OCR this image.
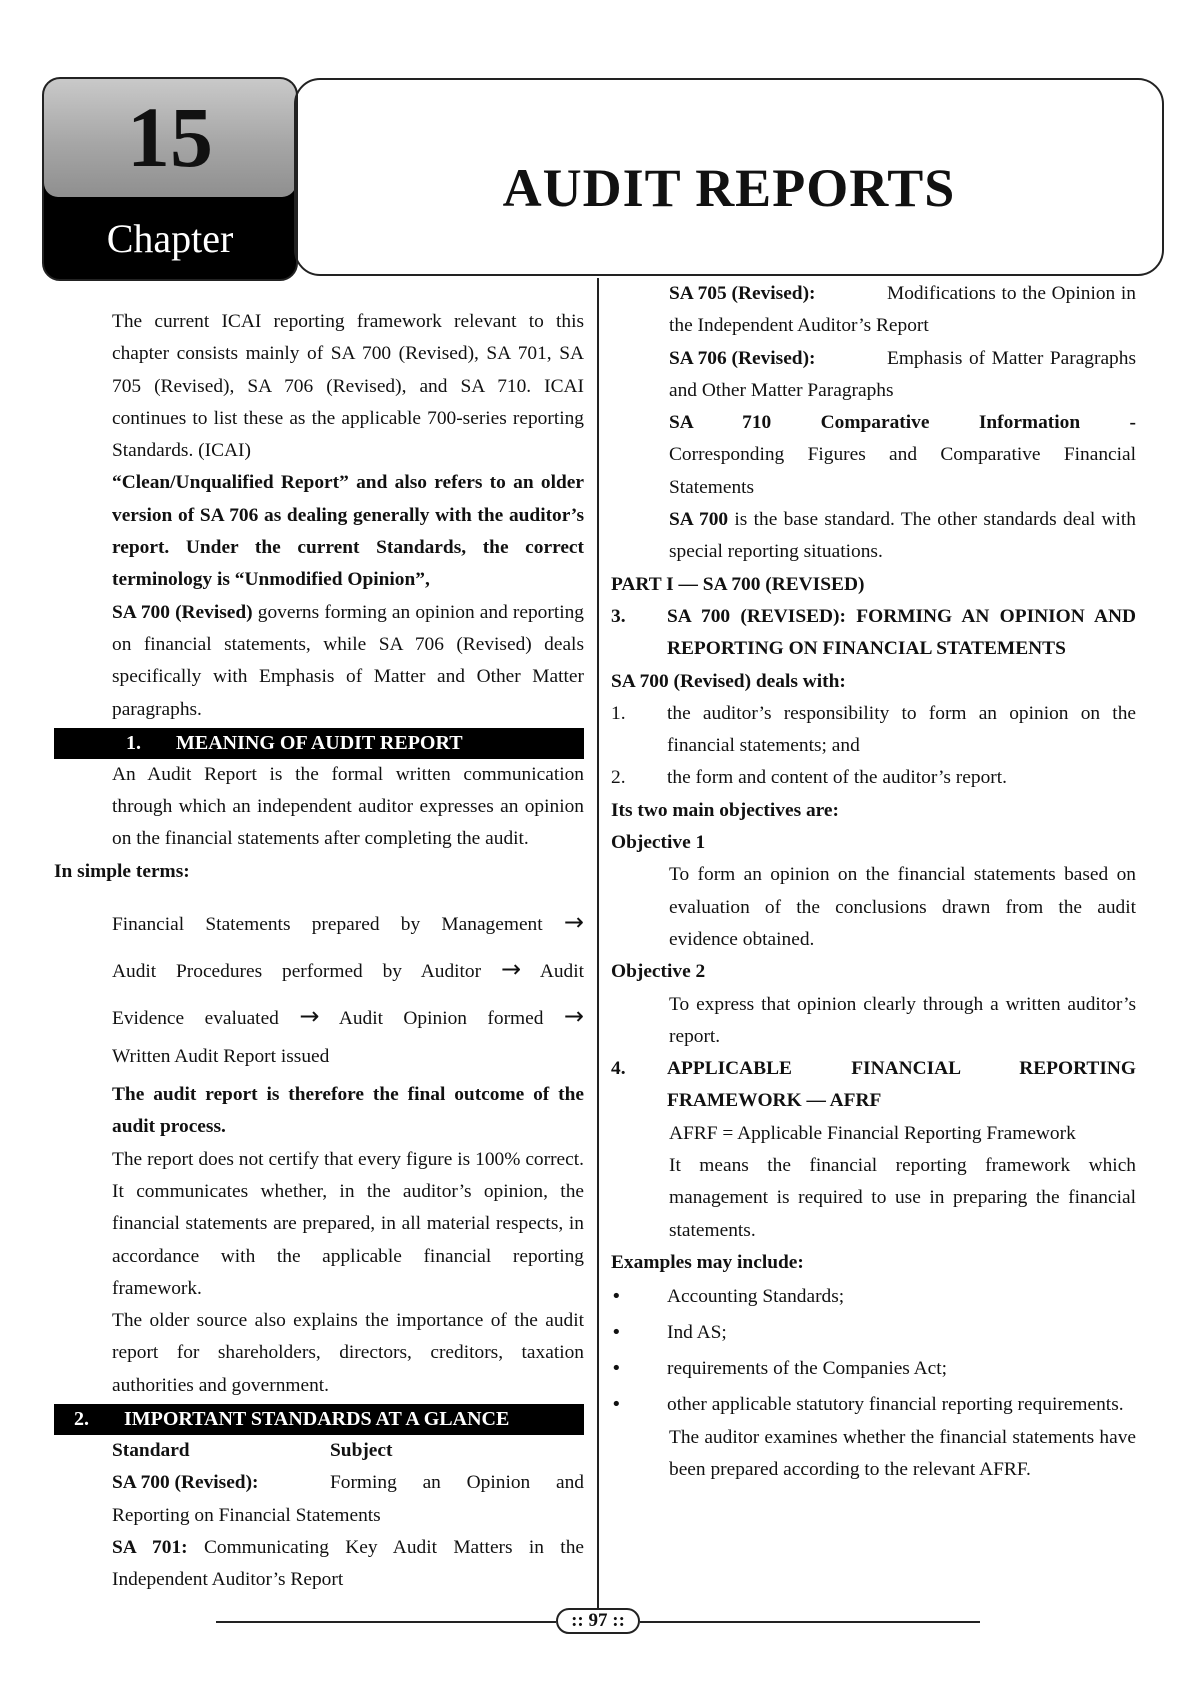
15
Chapter
AUDIT REPORTS

The current ICAI reporting framework relevant to this chapter consists mainly of SA 700 (Revised), SA 701, SA 705 (Revised), SA 706 (Revised), and SA 710. ICAI continues to list these as the applicable 700-series reporting Standards. (ICAI)

“Clean/Unqualified Report” and also refers to an older version of SA 706 as dealing generally with the auditor’s report. Under the current Standards, the correct terminology is “Unmodified Opinion”,

SA 700 (Revised) governs forming an opinion and reporting on financial statements, while SA 706 (Revised) deals specifically with Emphasis of Matter and Other Matter paragraphs.

1. MEANING OF AUDIT REPORT

An Audit Report is the formal written communication through which an independent auditor expresses an opinion on the financial statements after completing the audit.

In simple terms:

Financial Statements prepared by Management →
Audit Procedures performed by Auditor → Audit
Evidence evaluated → Audit Opinion formed →
Written Audit Report issued

The audit report is therefore the final outcome of the audit process.

The report does not certify that every figure is 100% correct. It communicates whether, in the auditor’s opinion, the financial statements are prepared, in all material respects, in accordance with the applicable financial reporting framework.

The older source also explains the importance of the audit report for shareholders, directors, creditors, taxation authorities and government.

2. IMPORTANT STANDARDS AT A GLANCE
Standard	Subject

SA 700 (Revised):	Forming an Opinion and Reporting on Financial Statements

SA 701: Communicating Key Audit Matters in the Independent Auditor’s Report

SA 705 (Revised):	Modifications to the Opinion in the Independent Auditor’s Report

SA 706 (Revised):	Emphasis of Matter Paragraphs and Other Matter Paragraphs

SA 710 Comparative Information -
Corresponding Figures and Comparative Financial Statements

SA 700 is the base standard. The other standards deal with special reporting situations.

PART I — SA 700 (REVISED)

3.	SA 700 (REVISED): FORMING AN OPINION AND REPORTING ON FINANCIAL STATEMENTS

SA 700 (Revised) deals with:

1.	the auditor’s responsibility to form an opinion on the financial statements; and
2.	the form and content of the auditor’s report.

Its two main objectives are:

Objective 1

To form an opinion on the financial statements based on evaluation of the conclusions drawn from the audit evidence obtained.

Objective 2

To express that opinion clearly through a written auditor’s report.

4.	APPLICABLE FINANCIAL REPORTING FRAMEWORK — AFRF

AFRF = Applicable Financial Reporting Framework

It means the financial reporting framework which management is required to use in preparing the financial statements.

Examples may include:

•	Accounting Standards;
•	Ind AS;
•	requirements of the Companies Act;
•	other applicable statutory financial reporting requirements.

The auditor examines whether the financial statements have been prepared according to the relevant AFRF.

:: 97 ::
